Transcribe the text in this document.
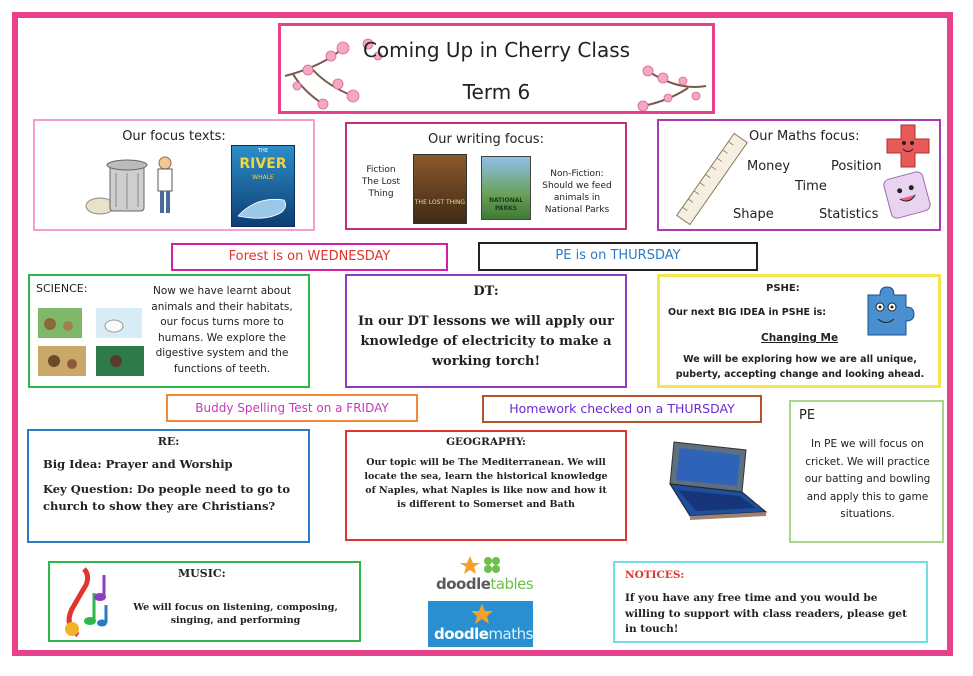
Coming Up in Cherry Class
Term 6
Our focus texts:
THE
RIVER
WHALE
Our writing focus:
Fiction
The Lost
Thing
THE LOST THING	NATIONAL PARKS
Non-Fiction: Should we feed animals in National Parks
Our Maths focus:
Money	Position
Time
Shape	Statistics
Forest is on WEDNESDAY	PE is on THURSDAY
SCIENCE:	Now we have learnt about animals and their habitats, our focus turns more to humans. We explore the digestive system and the functions of teeth.
DT:
In our DT lessons we will apply our knowledge of electricity to make a working torch!
PSHE:
Our next BIG IDEA in PSHE is:
Changing Me
We will be exploring how we are all unique, puberty, accepting change and looking ahead.
Buddy Spelling Test on a FRIDAY	Homework checked on a THURSDAY
RE:
Big Idea: Prayer and Worship
Key Question: Do people need to go to church to show they are Christians?
GEOGRAPHY:
Our topic will be The Mediterranean. We will locate the sea, learn the historical knowledge of Naples, what Naples is like now and how it is different to Somerset and Bath
PE
In PE we will focus on cricket. We will practice our batting and bowling and apply this to game situations.
MUSIC:
We will focus on listening, composing, singing, and performing
doodletables
doodlemaths
NOTICES:
If you have any free time and you would be willing to support with class readers, please get in touch!
